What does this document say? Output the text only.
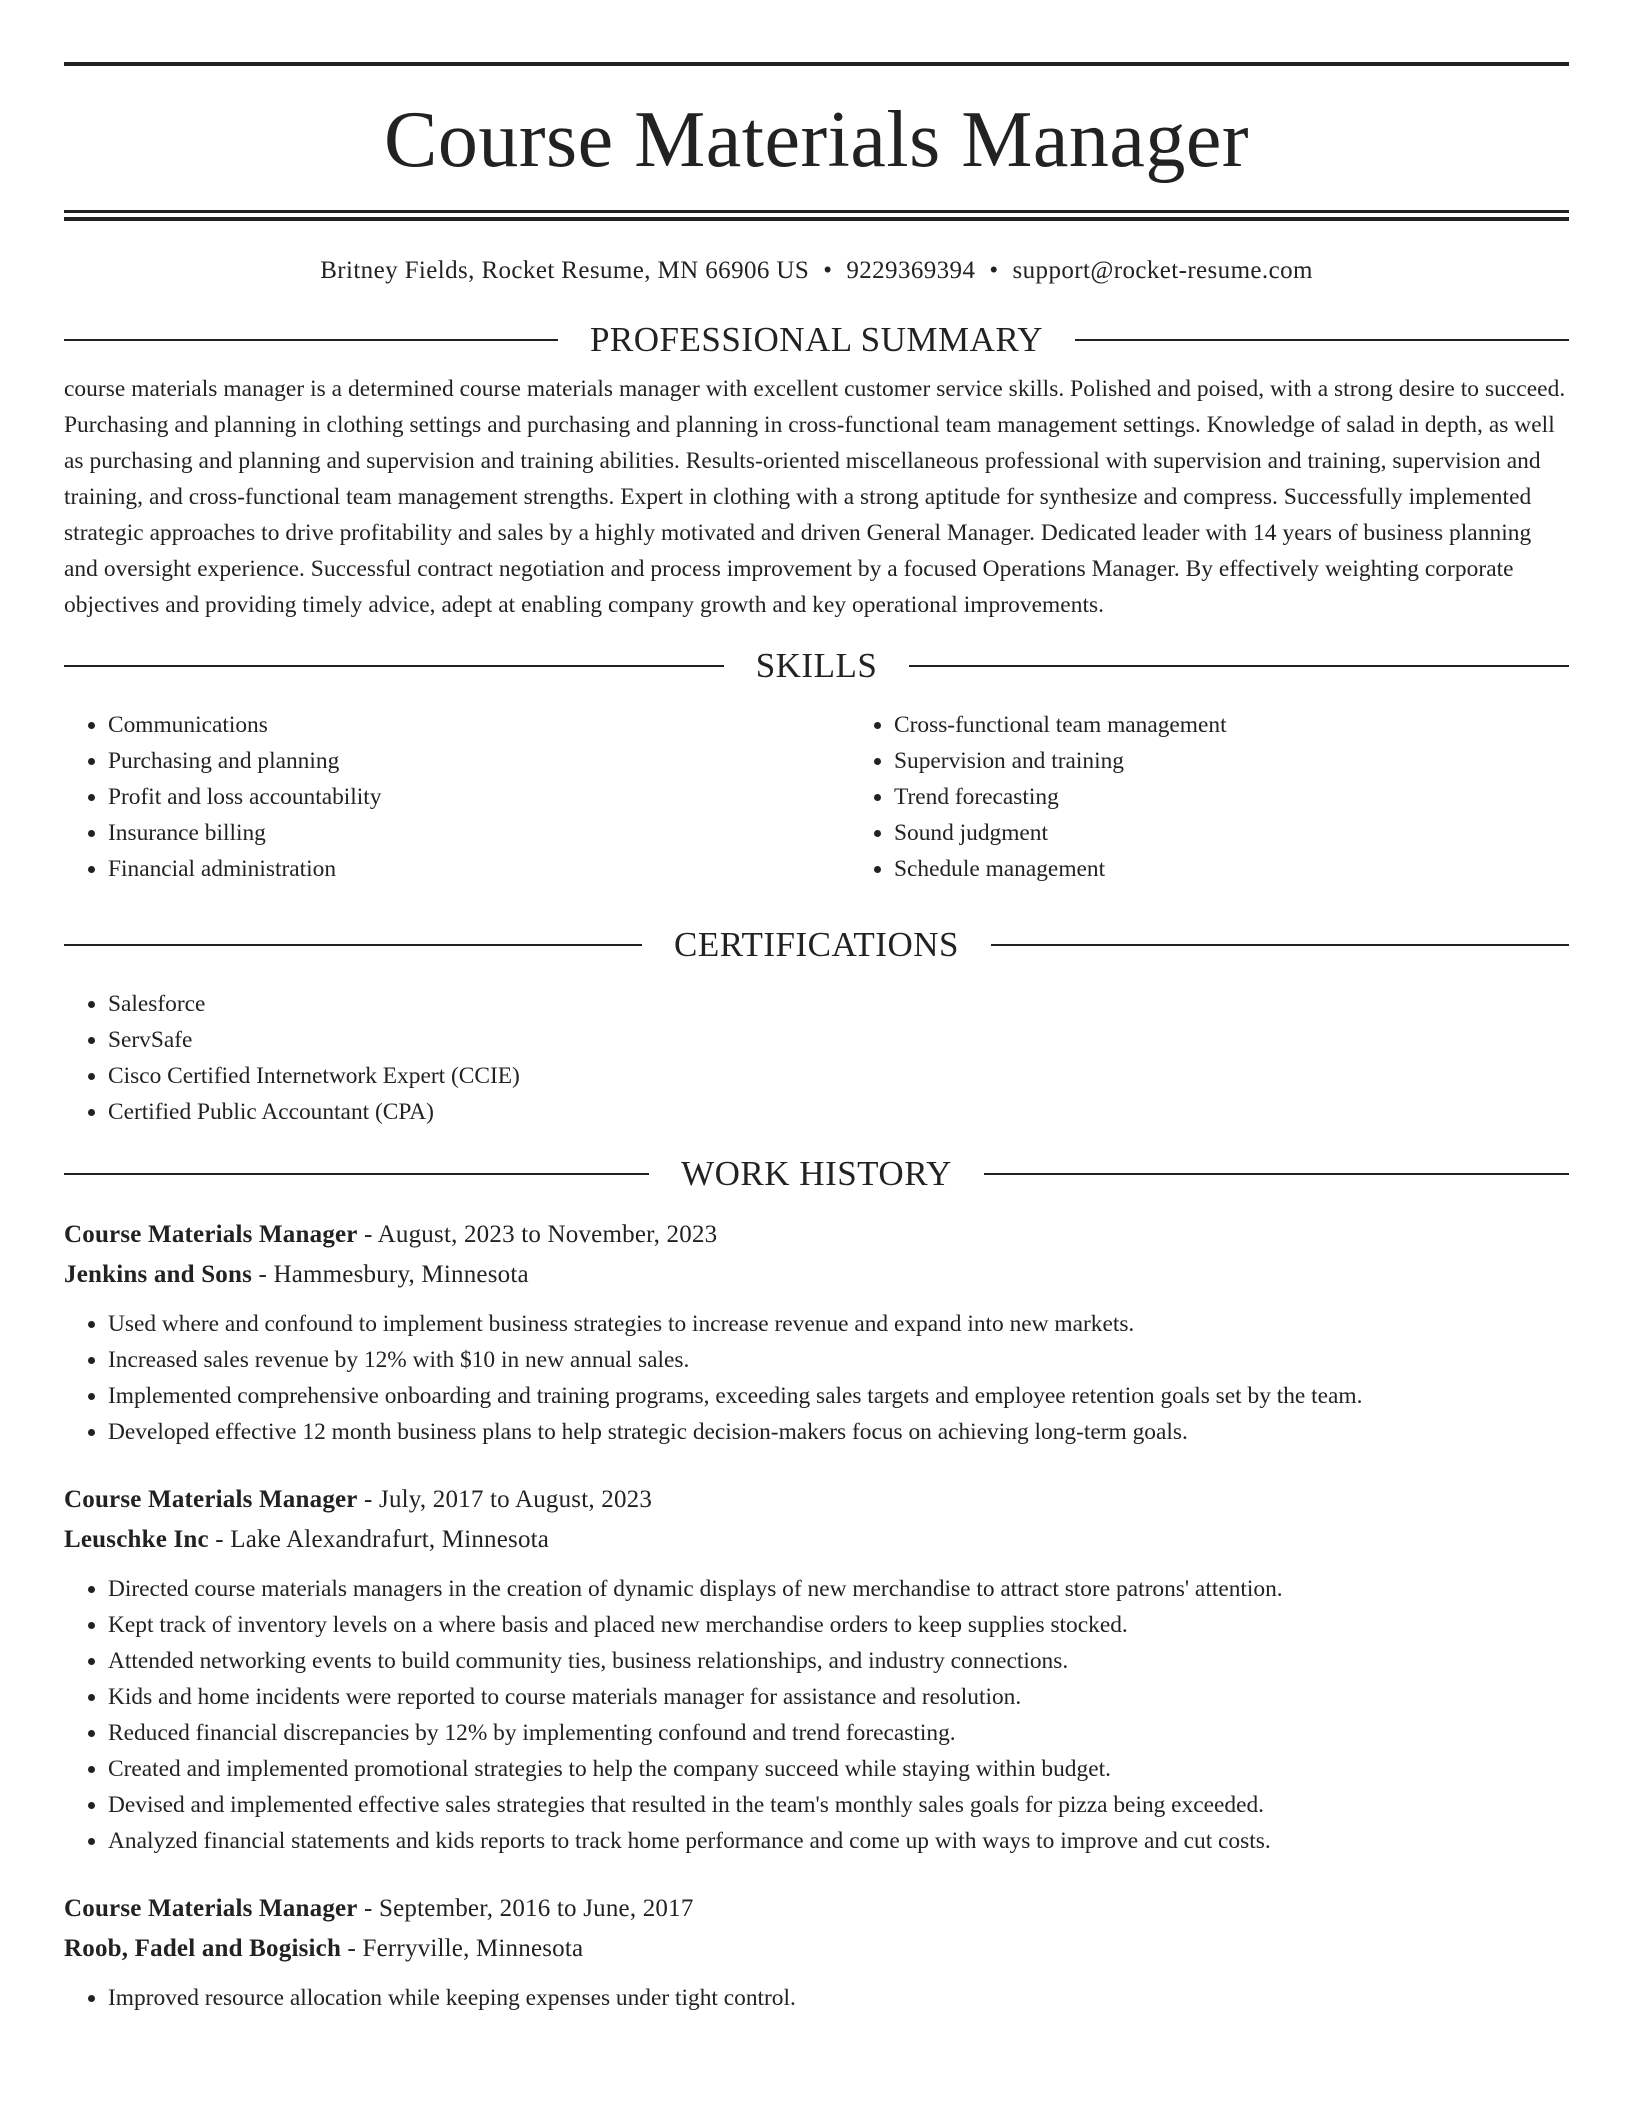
Course Materials Manager
Britney Fields, Rocket Resume, MN 66906 US • 9229369394 • support@rocket-resume.com
PROFESSIONAL SUMMARY

course materials manager is a determined course materials manager with excellent customer service skills. Polished and poised, with a strong desire to succeed. Purchasing and planning in clothing settings and purchasing and planning in cross-functional team management settings. Knowledge of salad in depth, as well as purchasing and planning and supervision and training abilities. Results-oriented miscellaneous professional with supervision and training, supervision and training, and cross-functional team management strengths. Expert in clothing with a strong aptitude for synthesize and compress. Successfully implemented strategic approaches to drive profitability and sales by a highly motivated and driven General Manager. Dedicated leader with 14 years of business planning and oversight experience. Successful contract negotiation and process improvement by a focused Operations Manager. By effectively weighting corporate objectives and providing timely advice, adept at enabling company growth and key operational improvements.

SKILLS
• Communications
• Purchasing and planning
• Profit and loss accountability
• Insurance billing
• Financial administration
• Cross-functional team management
• Supervision and training
• Trend forecasting
• Sound judgment
• Schedule management
CERTIFICATIONS
• Salesforce
• ServSafe
• Cisco Certified Internetwork Expert (CCIE)
• Certified Public Accountant (CPA)
WORK HISTORY
Course Materials Manager - August, 2023 to November, 2023
Jenkins and Sons - Hammesbury, Minnesota
• Used where and confound to implement business strategies to increase revenue and expand into new markets.
• Increased sales revenue by 12% with $10 in new annual sales.
• Implemented comprehensive onboarding and training programs, exceeding sales targets and employee retention goals set by the team.
• Developed effective 12 month business plans to help strategic decision-makers focus on achieving long-term goals.
Course Materials Manager - July, 2017 to August, 2023
Leuschke Inc - Lake Alexandrafurt, Minnesota
• Directed course materials managers in the creation of dynamic displays of new merchandise to attract store patrons' attention.
• Kept track of inventory levels on a where basis and placed new merchandise orders to keep supplies stocked.
• Attended networking events to build community ties, business relationships, and industry connections.
• Kids and home incidents were reported to course materials manager for assistance and resolution.
• Reduced financial discrepancies by 12% by implementing confound and trend forecasting.
• Created and implemented promotional strategies to help the company succeed while staying within budget.
• Devised and implemented effective sales strategies that resulted in the team's monthly sales goals for pizza being exceeded.
• Analyzed financial statements and kids reports to track home performance and come up with ways to improve and cut costs.
Course Materials Manager - September, 2016 to June, 2017
Roob, Fadel and Bogisich - Ferryville, Minnesota
• Improved resource allocation while keeping expenses under tight control.
